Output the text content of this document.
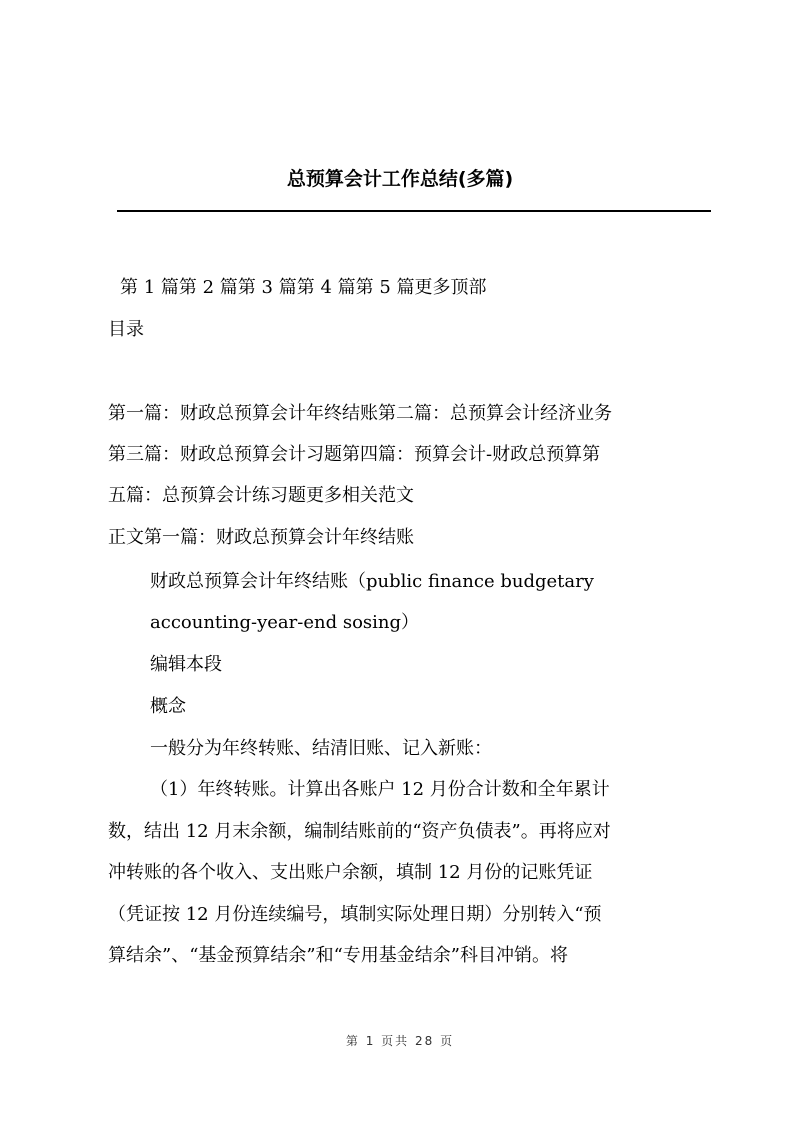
总预算会计工作总结(多篇)
第 1 篇第 2 篇第 3 篇第 4 篇第 5 篇更多顶部
目录
第一篇：财政总预算会计年终结账第二篇：总预算会计经济业务
第三篇：财政总预算会计习题第四篇：预算会计-财政总预算第
五篇：总预算会计练习题更多相关范文
正文第一篇：财政总预算会计年终结账
财政总预算会计年终结账（public finance budgetary
accounting-year-end sosing）
编辑本段
概念
一般分为年终转账、结清旧账、记入新账：
（1）年终转账。计算出各账户 12 月份合计数和全年累计
数，结出 12 月末余额，编制结账前的“资产负债表”。再将应对
冲转账的各个收入、支出账户余额，填制 12 月份的记账凭证
（凭证按 12 月份连续编号，填制实际处理日期）分别转入“预
算结余”、“基金预算结余”和“专用基金结余”科目冲销。将
第 1 页共 28 页
